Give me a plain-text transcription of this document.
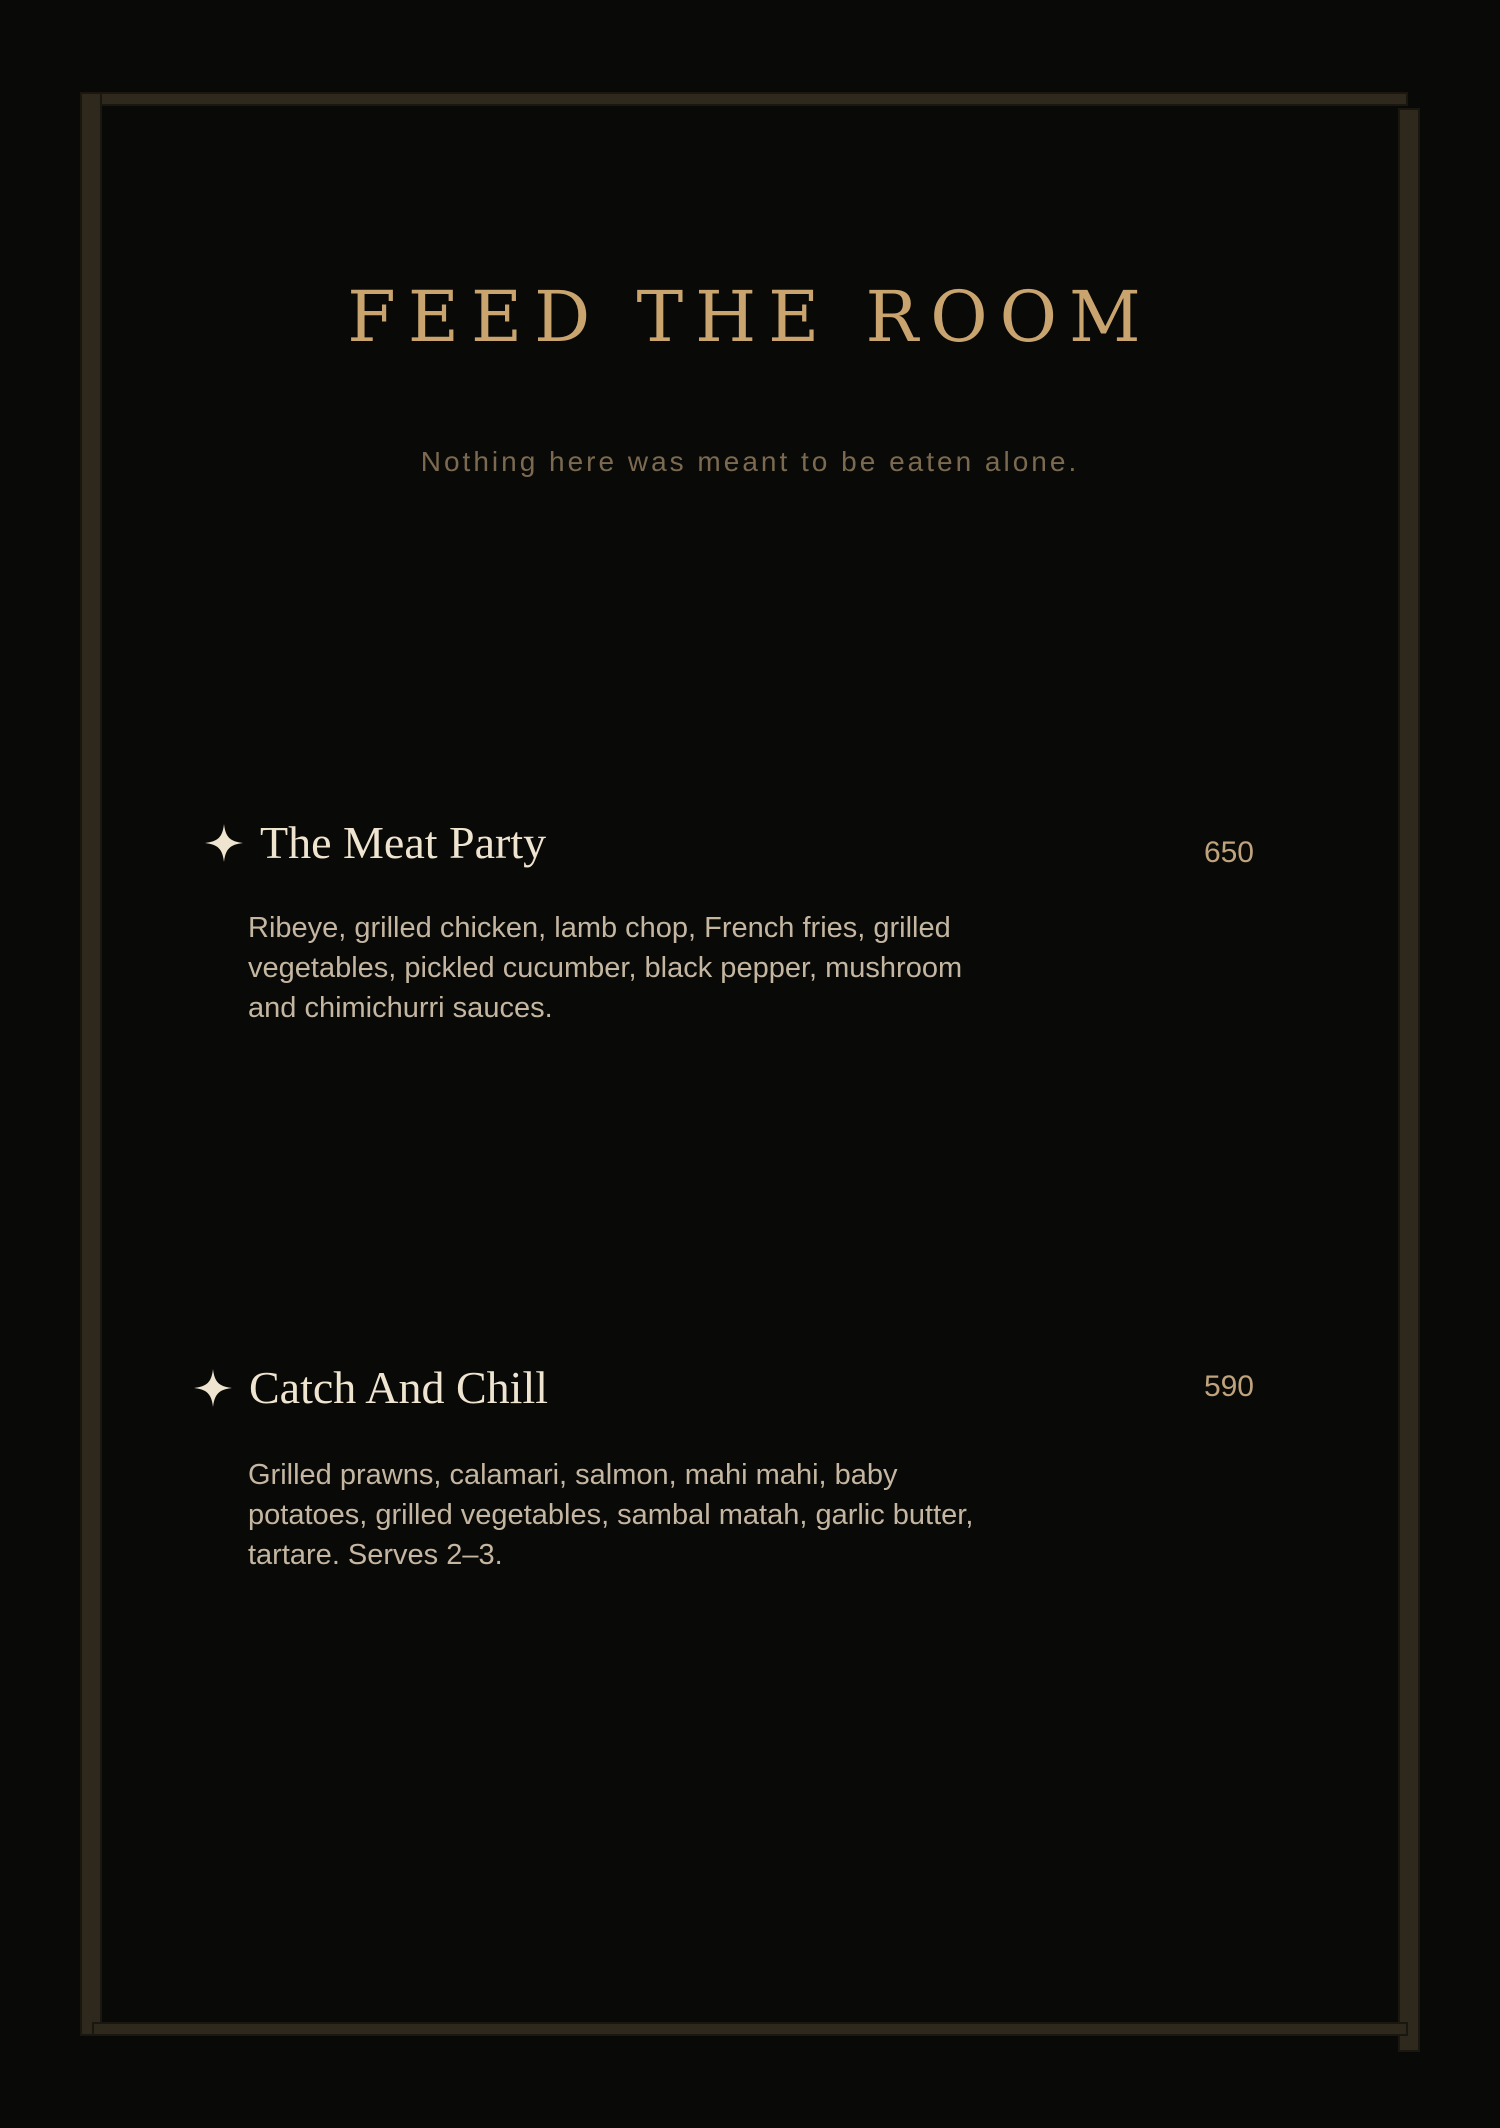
FEED THE ROOM
Nothing here was meant to be eaten alone.
The Meat Party	650
Ribeye, grilled chicken, lamb chop, French fries, grilled vegetables, pickled cucumber, black pepper, mushroom and chimichurri sauces.
Catch And Chill	590
Grilled prawns, calamari, salmon, mahi mahi, baby potatoes, grilled vegetables, sambal matah, garlic butter, tartare. Serves 2–3.
